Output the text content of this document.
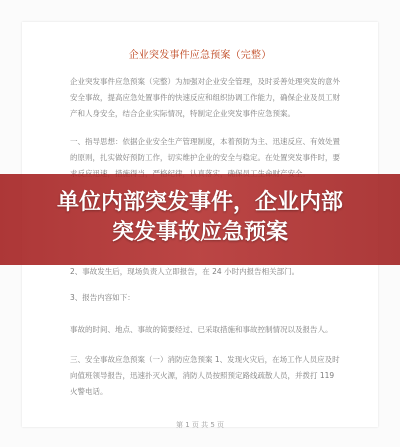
企业突发事件应急预案（完整）
企业突发事件应急预案（完整）为加强对企业安全管理，及时妥善处理突发的意外安全事故，提高应急处置事件的快速反应和组织协调工作能力，确保企业及员工财产和人身安全，结合企业实际情况，特制定企业突发事件应急预案。
一、指导思想：依据企业安全生产管理制度，本着预防为主、迅速反应、有效处置的原则，扎实做好预防工作，切实维护企业的安全与稳定。在处置突发事件时，要
2、事故发生后，现场负责人立即报告，在 24 小时内报告相关部门。
3、报告内容如下：
事故的时间、地点、事故的简要经过、已采取措施和事故控制情况以及报告人。
三、安全事故应急预案（一）消防应急预案 1、发现火灾后，在场工作人员应及时向值班领导报告，迅速扑灭火源，消防人员按照预定路线疏散人员，并拨打 119 火警电话。
第 1 页 共 5 页
单位内部突发事件，企业内部
突发事故应急预案
